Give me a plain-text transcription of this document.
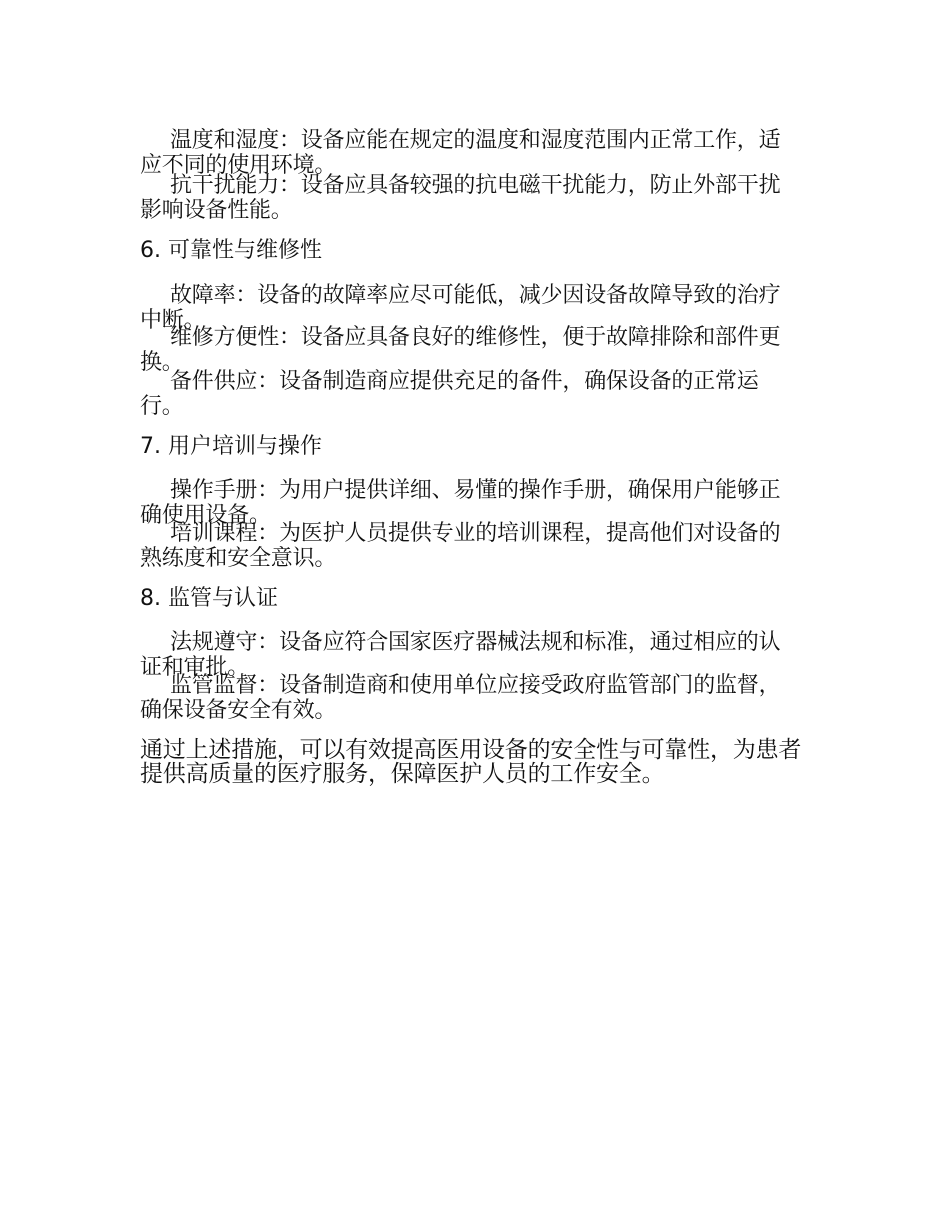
温度和湿度：设备应能在规定的温度和湿度范围内正常工作，适应不同的使用环境。

抗干扰能力：设备应具备较强的抗电磁干扰能力，防止外部干扰影响设备性能。

6. 可靠性与维修性

故障率：设备的故障率应尽可能低，减少因设备故障导致的治疗中断。

维修方便性：设备应具备良好的维修性，便于故障排除和部件更换。

备件供应：设备制造商应提供充足的备件，确保设备的正常运行。

7. 用户培训与操作

操作手册：为用户提供详细、易懂的操作手册，确保用户能够正确使用设备。

培训课程：为医护人员提供专业的培训课程，提高他们对设备的熟练度和安全意识。

8. 监管与认证

法规遵守：设备应符合国家医疗器械法规和标准，通过相应的认证和审批。

监管监督：设备制造商和使用单位应接受政府监管部门的监督，确保设备安全有效。

通过上述措施，可以有效提高医用设备的安全性与可靠性，为患者提供高质量的医疗服务，保障医护人员的工作安全。
